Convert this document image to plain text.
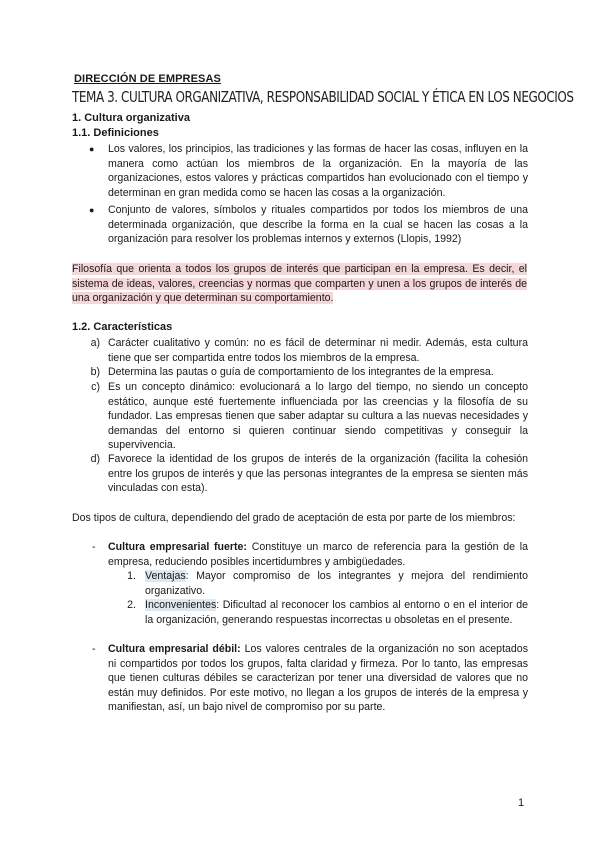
DIRECCIÓN DE EMPRESAS
TEMA 3. CULTURA ORGANIZATIVA, RESPONSABILIDAD SOCIAL Y ÉTICA EN LOS NEGOCIOS
1. Cultura organizativa
1.1. Definiciones
●	Los valores, los principios, las tradiciones y las formas de hacer las cosas, influyen en la manera como actúan los miembros de la organización. En la mayoría de las organizaciones, estos valores y prácticas compartidos han evolucionado con el tiempo y determinan en gran medida como se hacen las cosas a la organización.
●	Conjunto de valores, símbolos y rituales compartidos por todos los miembros de una determinada organización, que describe la forma en la cual se hacen las cosas a la organización para resolver los problemas internos y externos (Llopis, 1992)
Filosofía que orienta a todos los grupos de interés que participan en la empresa. Es decir, el sistema de ideas, valores, creencias y normas que comparten y unen a los grupos de interés de una organización y que determinan su comportamiento.
1.2. Características
a) Carácter cualitativo y común: no es fácil de determinar ni medir. Además, esta cultura tiene que ser compartida entre todos los miembros de la empresa.
b) Determina las pautas o guía de comportamiento de los integrantes de la empresa.
c) Es un concepto dinámico: evolucionará a lo largo del tiempo, no siendo un concepto estático, aunque esté fuertemente influenciada por las creencias y la filosofía de su fundador. Las empresas tienen que saber adaptar su cultura a las nuevas necesidades y demandas del entorno si quieren continuar siendo competitivas y conseguir la supervivencia.
d) Favorece la identidad de los grupos de interés de la organización (facilita la cohesión entre los grupos de interés y que las personas integrantes de la empresa se sienten más vinculadas con esta).
Dos tipos de cultura, dependiendo del grado de aceptación de esta por parte de los miembros:
-	Cultura empresarial fuerte: Constituye un marco de referencia para la gestión de la empresa, reduciendo posibles incertidumbres y ambigüedades.
1. Ventajas: Mayor compromiso de los integrantes y mejora del rendimiento organizativo.
2. Inconvenientes: Dificultad al reconocer los cambios al entorno o en el interior de la organización, generando respuestas incorrectas u obsoletas en el presente.
-	Cultura empresarial débil: Los valores centrales de la organización no son aceptados ni compartidos por todos los grupos, falta claridad y firmeza. Por lo tanto, las empresas que tienen culturas débiles se caracterizan por tener una diversidad de valores que no están muy definidos. Por este motivo, no llegan a los grupos de interés de la empresa y manifiestan, así, un bajo nivel de compromiso por su parte.
1
